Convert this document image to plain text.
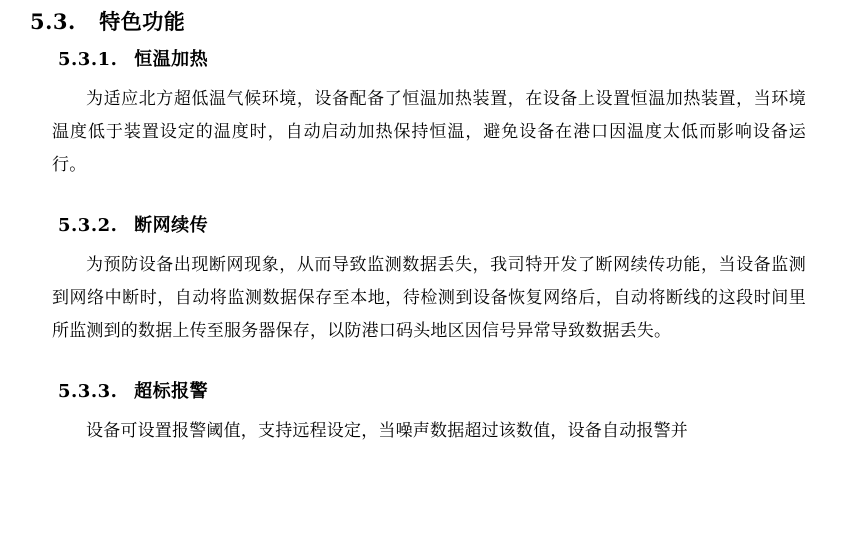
5.3. 特色功能
5.3.1. 恒温加热

为适应北方超低温气候环境，设备配备了恒温加热装置，在设备上设置恒温加热装置，当环境温度低于装置设定的温度时，自动启动加热保持恒温，避免设备在港口因温度太低而影响设备运行。

5.3.2. 断网续传

为预防设备出现断网现象，从而导致监测数据丢失，我司特开发了断网续传功能，当设备监测到网络中断时，自动将监测数据保存至本地，待检测到设备恢复网络后，自动将断线的这段时间里所监测到的数据上传至服务器保存，以防港口码头地区因信号异常导致数据丢失。

5.3.3. 超标报警

设备可设置报警阈值，支持远程设定，当噪声数据超过该数值，设备自动报警并
